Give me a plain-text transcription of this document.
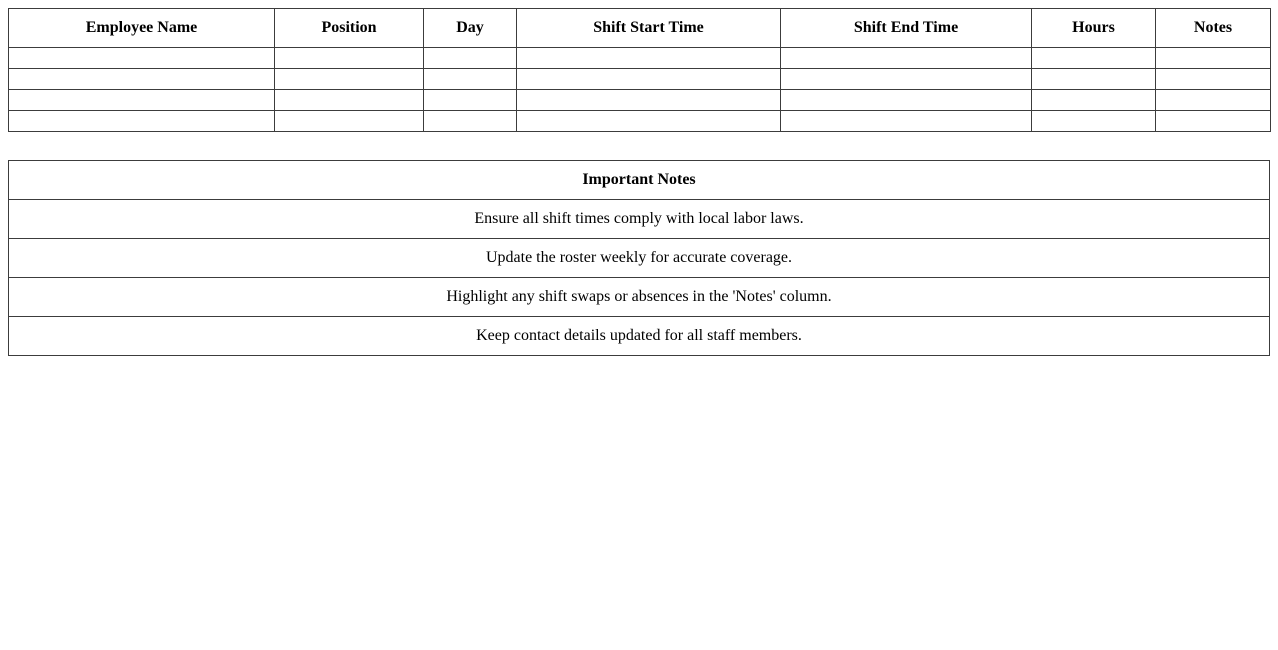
Employee Name	Position	Day	Shift Start Time	Shift End Time	Hours	Notes

Important Notes
Ensure all shift times comply with local labor laws.
Update the roster weekly for accurate coverage.
Highlight any shift swaps or absences in the 'Notes' column.
Keep contact details updated for all staff members.
